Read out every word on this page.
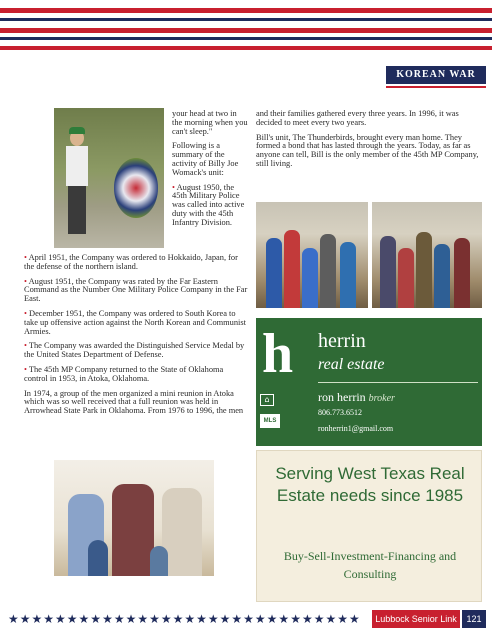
KOREAN WAR

your head at two in the morning when you can't sleep."

Following is a summary of the activity of Billy Joe Womack's unit:

• August 1950, the 45th Military Police was called into active duty with the 45th Infantry Division.

• April 1951, the Company was ordered to Hokkaido, Japan, for the defense of the northern island.

• August 1951, the Company was rated by the Far Eastern Command as the Number One Military Police Company in the Far East.

• December 1951, the Company was ordered to South Korea to take up offensive action against the North Korean and Communist Armies.

• The Company was awarded the Distinguished Service Medal by the United States Department of Defense.

• The 45th MP Company returned to the State of Oklahoma control in 1953, in Atoka, Oklahoma.

In 1974, a group of the men organized a mini reunion in Atoka which was so well received that a full reunion was held in Arrowhead State Park in Oklahoma. From 1976 to 1996, the men

and their families gathered every three years. In 1996, it was decided to meet every two years.

Bill's unit, The Thunderbirds, brought every man home. They formed a bond that has lasted through the years. Today, as far as anyone can tell, Bill is the only member of the 45th MP Company, still living.

h herrin
real estate
⌂	ron herrin broker
MLS
806.773.6512
ronherrin1@gmail.com
Serving West Texas Real Estate needs since 1985
Buy-Sell-Investment-Financing and Consulting
★★★★★★★★★★★★★★★★★★★★★★★★★★★★★★	Lubbock Senior Link	121
